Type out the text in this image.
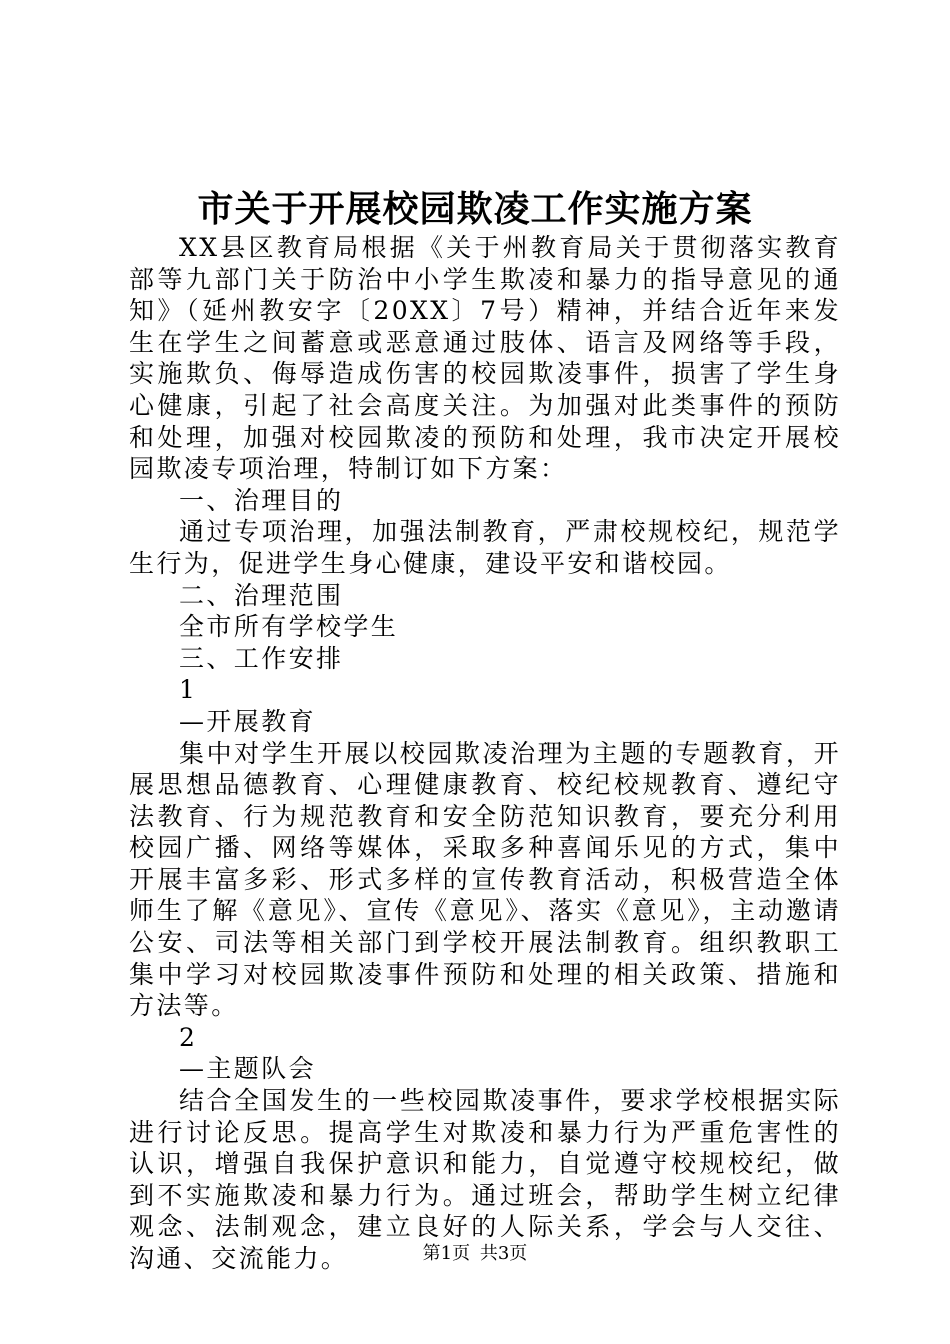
市关于开展校园欺凌工作实施方案

XX县区教育局根据《关于州教育局关于贯彻落实教育部等九部门关于防治中小学生欺凌和暴力的指导意见的通知》（延州教安字〔20XX〕7号）精神，并结合近年来发生在学生之间蓄意或恶意通过肢体、语言及网络等手段，实施欺负、侮辱造成伤害的校园欺凌事件，损害了学生身心健康，引起了社会高度关注。为加强对此类事件的预防和处理，加强对校园欺凌的预防和处理，我市决定开展校园欺凌专项治理，特制订如下方案：

一、治理目的

通过专项治理，加强法制教育，严肃校规校纪，规范学生行为，促进学生身心健康，建设平安和谐校园。

二、治理范围

全市所有学校学生

三、工作安排

1

—开展教育

集中对学生开展以校园欺凌治理为主题的专题教育，开展思想品德教育、心理健康教育、校纪校规教育、遵纪守法教育、行为规范教育和安全防范知识教育，要充分利用校园广播、网络等媒体，采取多种喜闻乐见的方式，集中开展丰富多彩、形式多样的宣传教育活动，积极营造全体师生了解《意见》、宣传《意见》、落实《意见》，主动邀请公安、司法等相关部门到学校开展法制教育。组织教职工集中学习对校园欺凌事件预防和处理的相关政策、措施和方法等。

2

—主题队会

结合全国发生的一些校园欺凌事件，要求学校根据实际进行讨论反思。提高学生对欺凌和暴力行为严重危害性的认识，增强自我保护意识和能力，自觉遵守校规校纪，做到不实施欺凌和暴力行为。通过班会，帮助学生树立纪律观念、法制观念，建立良好的人际关系，学会与人交往、沟通、交流能力。	第1页 共3页
